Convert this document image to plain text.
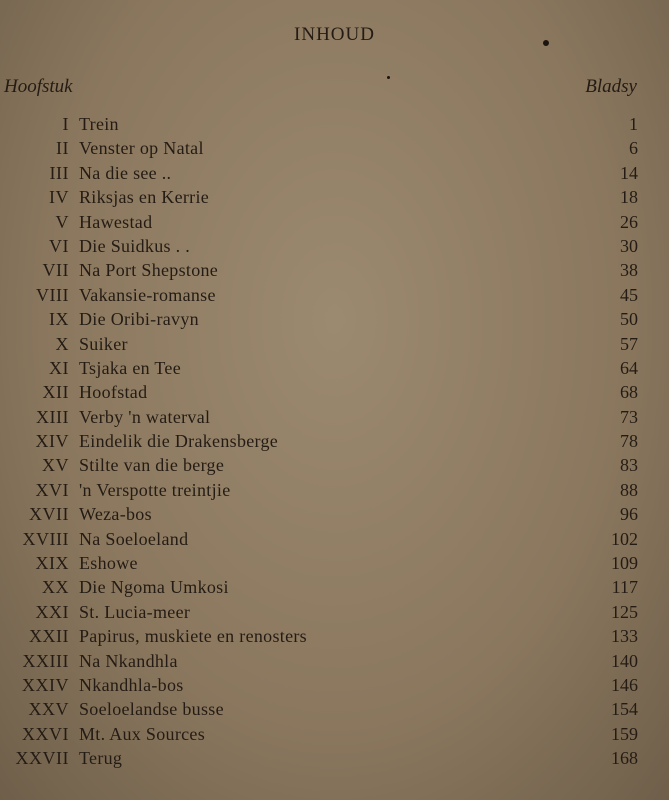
INHOUD
Hoofstuk	Bladsy
I Trein	1
II Venster op Natal	6
III Na die see ..	14
IV Riksjas en Kerrie	18
V Hawestad	26
VI Die Suidkus . .	30
VII Na Port Shepstone	38
VIII Vakansie-romanse	45
IX Die Oribi-ravyn	50
X Suiker	57
XI Tsjaka en Tee	64
XII Hoofstad	68
XIII Verby 'n waterval	73
XIV Eindelik die Drakensberge	78
XV Stilte van die berge	83
XVI 'n Verspotte treintjie	88
XVII Weza-bos	96
XVIII Na Soeloeland	102
XIX Eshowe	109
XX Die Ngoma Umkosi	117
XXI St. Lucia-meer	125
XXII Papirus, muskiete en renosters	133
XXIII Na Nkandhla	140
XXIV Nkandhla-bos	146
XXV Soeloelandse busse	154
XXVI Mt. Aux Sources	159
XXVII Terug	168
